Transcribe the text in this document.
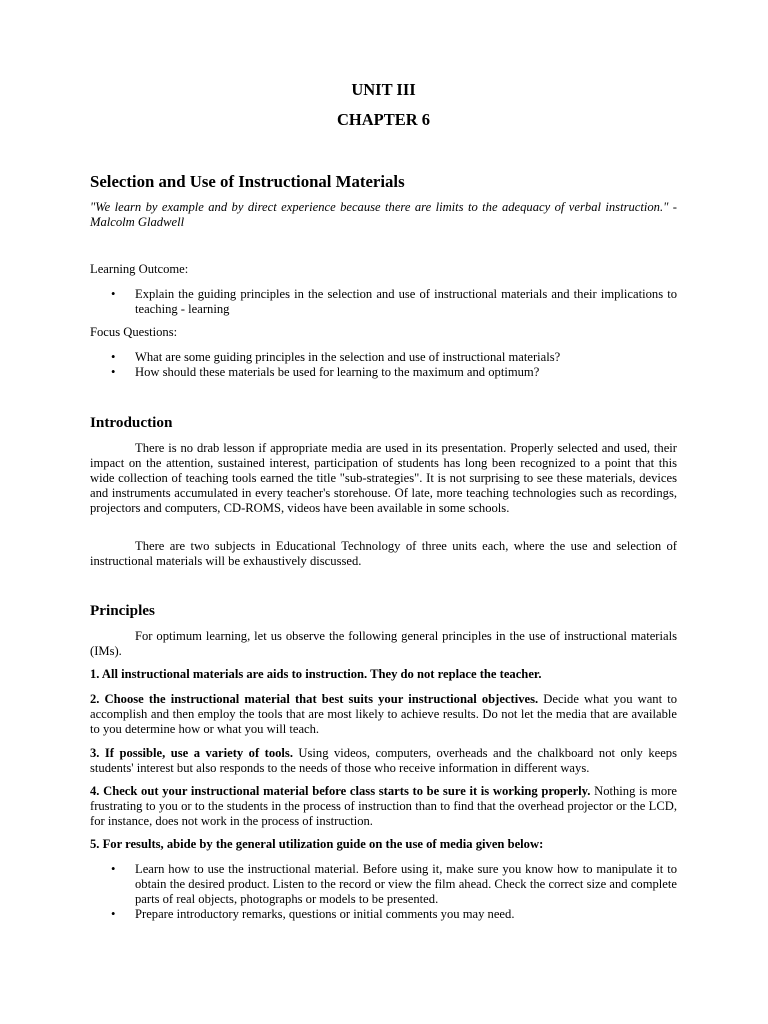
UNIT III

CHAPTER 6

Selection and Use of Instructional Materials

"We learn by example and by direct experience because there are limits to the adequacy of verbal instruction." - Malcolm Gladwell

Learning Outcome:

• Explain the guiding principles in the selection and use of instructional materials and their implications to teaching - learning

Focus Questions:

• What are some guiding principles in the selection and use of instructional materials?
• How should these materials be used for learning to the maximum and optimum?

Introduction

There is no drab lesson if appropriate media are used in its presentation. Properly selected and used, their impact on the attention, sustained interest, participation of students has long been recognized to a point that this wide collection of teaching tools earned the title "sub-strategies". It is not surprising to see these materials, devices and instruments accumulated in every teacher's storehouse. Of late, more teaching technologies such as recordings, projectors and computers, CD-ROMS, videos have been available in some schools.

There are two subjects in Educational Technology of three units each, where the use and selection of instructional materials will be exhaustively discussed.

Principles

For optimum learning, let us observe the following general principles in the use of instructional materials (IMs).

1. All instructional materials are aids to instruction. They do not replace the teacher.

2. Choose the instructional material that best suits your instructional objectives. Decide what you want to accomplish and then employ the tools that are most likely to achieve results. Do not let the media that are available to you determine how or what you will teach.

3. If possible, use a variety of tools. Using videos, computers, overheads and the chalkboard not only keeps students' interest but also responds to the needs of those who receive information in different ways.

4. Check out your instructional material before class starts to be sure it is working properly. Nothing is more frustrating to you or to the students in the process of instruction than to find that the overhead projector or the LCD, for instance, does not work in the process of instruction.

5. For results, abide by the general utilization guide on the use of media given below:

• Learn how to use the instructional material. Before using it, make sure you know how to manipulate it to obtain the desired product. Listen to the record or view the film ahead. Check the correct size and complete parts of real objects, photographs or models to be presented.
• Prepare introductory remarks, questions or initial comments you may need.
